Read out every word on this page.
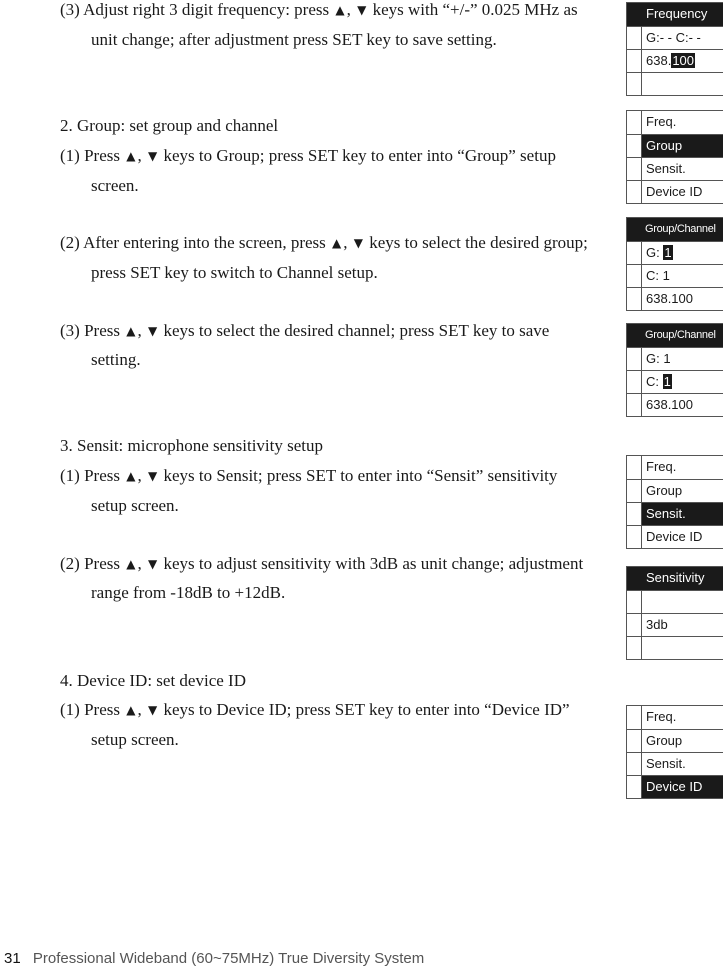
(3) Adjust right 3 digit frequency: press ▲ , ▼ keys with “+/-” 0.025 MHz as
unit change; after adjustment press SET key to save setting.
2. Group: set group and channel
(1) Press ▲ , ▼ keys to Group; press SET key to enter into “Group” setup
screen.
(2) After entering into the screen, press ▲ , ▼ keys to select the desired group;
press SET key to switch to Channel setup.
(3) Press ▲ , ▼ keys to select the desired channel; press SET key to save
setting.
3. Sensit: microphone sensitivity setup
(1) Press ▲ , ▼ keys to Sensit; press SET to enter into “Sensit” sensitivity
setup screen.
(2) Press ▲ , ▼ keys to adjust sensitivity with 3dB as unit change; adjustment
range from -18dB to +12dB.
4. Device ID: set device ID
(1) Press ▲ , ▼ keys to Device ID; press SET key to enter into “Device ID”
setup screen.
Frequency
G:- - C:- -
638.100
Freq.
Group
Sensit.
Device ID
Group/Channel
G: 1
C: 1
638.100
Group/Channel
G: 1
C: 1
638.100
Freq.
Group
Sensit.
Device ID
Sensitivity
3db
Freq.
Group
Sensit.
Device ID
31 Professional Wideband (60~75MHz) True Diversity System
